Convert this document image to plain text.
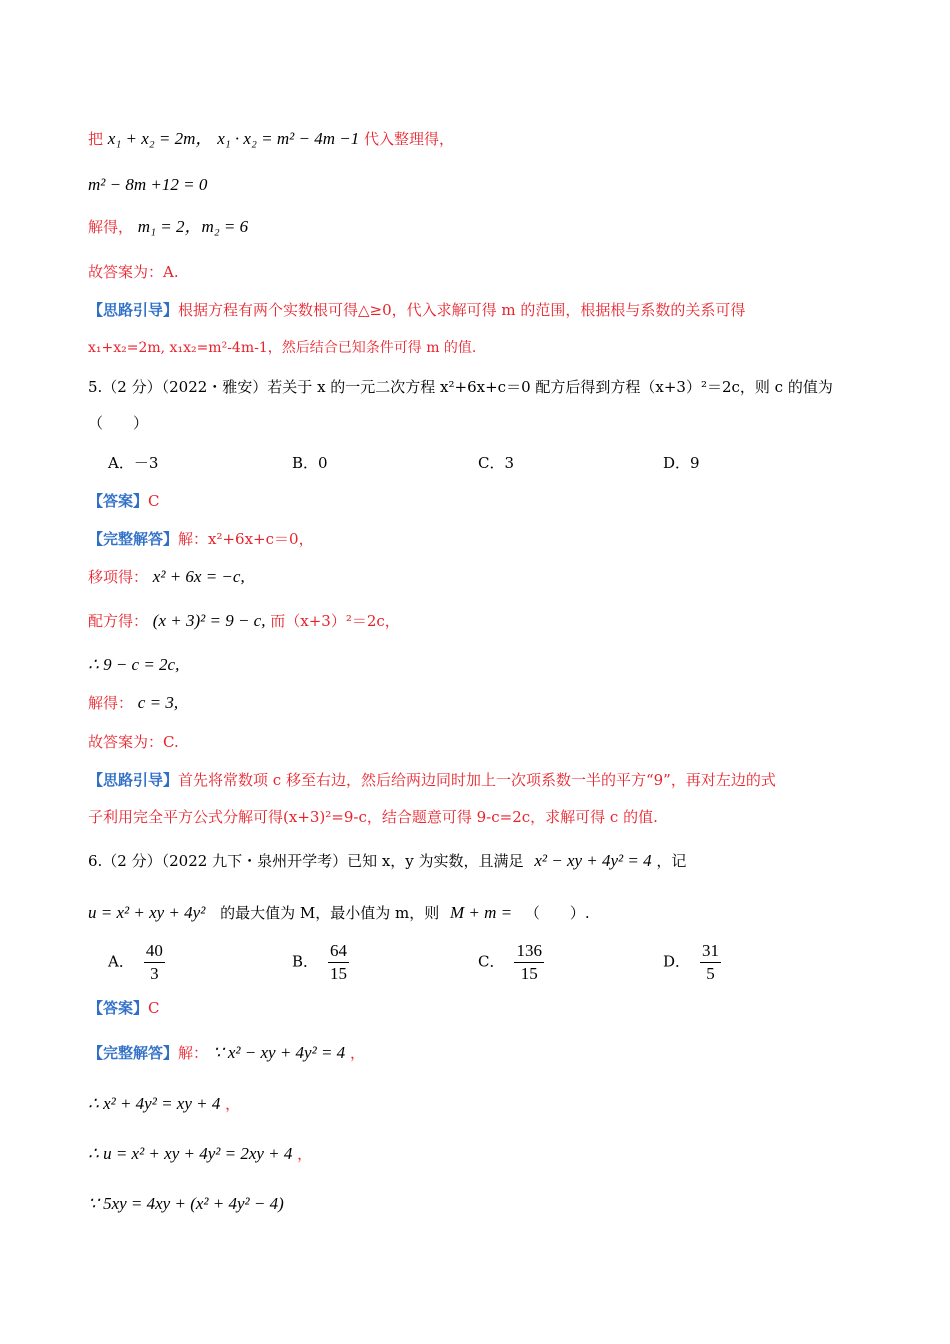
把 x₁ + x₂ = 2m， x₁ · x₂ = m² − 4m −1 代入整理得，
m² − 8m +12 = 0
解得， m₁ = 2，m₂ = 6
故答案为：A.
【思路引导】根据方程有两个实数根可得△≥0，代入求解可得 m 的范围，根据根与系数的关系可得
x₁+x₂=2m, x₁x₂=m²-4m-1，然后结合已知条件可得 m 的值.
5.（2 分）（2022・雅安）若关于 x 的一元二次方程 x²+6x+c＝0 配方后得到方程（x+3）²＝2c，则 c 的值为
（　　）
A．－3	B．0	C．3	D．9
【答案】C
【完整解答】解：x²+6x+c＝0，
移项得： x² + 6x = −c,
配方得： (x + 3)² = 9 − c, 而（x+3）²＝2c，
∴ 9 − c = 2c,
解得： c = 3,
故答案为：C.
【思路引导】首先将常数项 c 移至右边，然后给两边同时加上一次项系数一半的平方“9”，再对左边的式
子利用完全平方公式分解可得(x+3)²=9-c，结合题意可得 9-c=2c，求解可得 c 的值.
6.（2 分）（2022 九下・泉州开学考）已知 x，y 为实数，且满足 x² − xy + 4y² = 4 ，记
u = x² + xy + 4y² 的最大值为 M，最小值为 m，则 M + m = （　　）.
A． $\frac{40}{3}$	B． $\frac{64}{15}$	C． $\frac{136}{15}$	D． $\frac{31}{5}$
【答案】C
【完整解答】解： ∵ x² − xy + 4y² = 4 ，
∴ x² + 4y² = xy + 4 ，
∴ u = x² + xy + 4y² = 2xy + 4 ，
∵ 5xy = 4xy + (x² + 4y² − 4)
